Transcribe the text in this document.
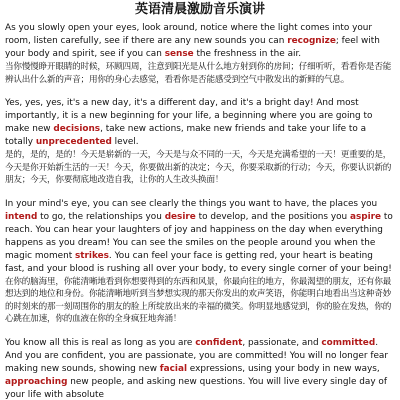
英语清晨激励音乐演讲

As you slowly open your eyes, look around, notice where the light comes into your room, listen carefully, see if there are any new sounds you can recognize; feel with your body and spirit, see if you can sense the freshness in the air.

当你慢慢睁开眼睛的时候，环顾四周，注意到阳光是从什么地方射到你的房间；仔细听听，看看你是否能辨认出什么新的声音；用你的身心去感觉，看看你是否能感受到空气中散发出的新鲜的气息。

Yes, yes, yes, it's a new day, it's a different day, and it's a bright day! And most importantly, it is a new beginning for your life, a beginning where you are going to make new decisions, take new actions, make new friends and take your life to a totally unprecedented level.

是的，是的，是的！今天是崭新的一天，今天是与众不同的一天，今天是充满希望的一天！更重要的是，今天是你开始新生活的一天！今天，你要做出新的决定；今天，你要采取新的行动；今天，你要认识新的朋友；今天，你要彻底地改造自我，让你的人生改头换面！

In your mind's eye, you can see clearly the things you want to have, the places you intend to go, the relationships you desire to develop, and the positions you aspire to reach. You can hear your laughters of joy and happiness on the day when everything happens as you dream! You can see the smiles on the people around you when the magic moment strikes. You can feel your face is getting red, your heart is beating fast, and your blood is rushing all over your body, to every single corner of your being!

在你的脑海里，你能清晰地看到你想要得到的东西和风景，你最向往的地方，你最渴望的朋友，还有你最想达到的地位和身份。你能清晰地听到当梦想实现的那天你发出的欢声笑语，你能明白地看出当这种奇妙的时刻来的那一刻周围你的朋友的脸上所绽放出来的幸福的微笑。你明显地感觉到，你的脸在发热，你的心跳在加速，你的血液在你的全身疯狂地奔涌！

You know all this is real as long as you are confident, passionate, and committed. And you are confident, you are passionate, you are committed! You will no longer fear making new sounds, showing new facial expressions, using your body in new ways, approaching new people, and asking new questions. You will live every single day of your life with absolute
